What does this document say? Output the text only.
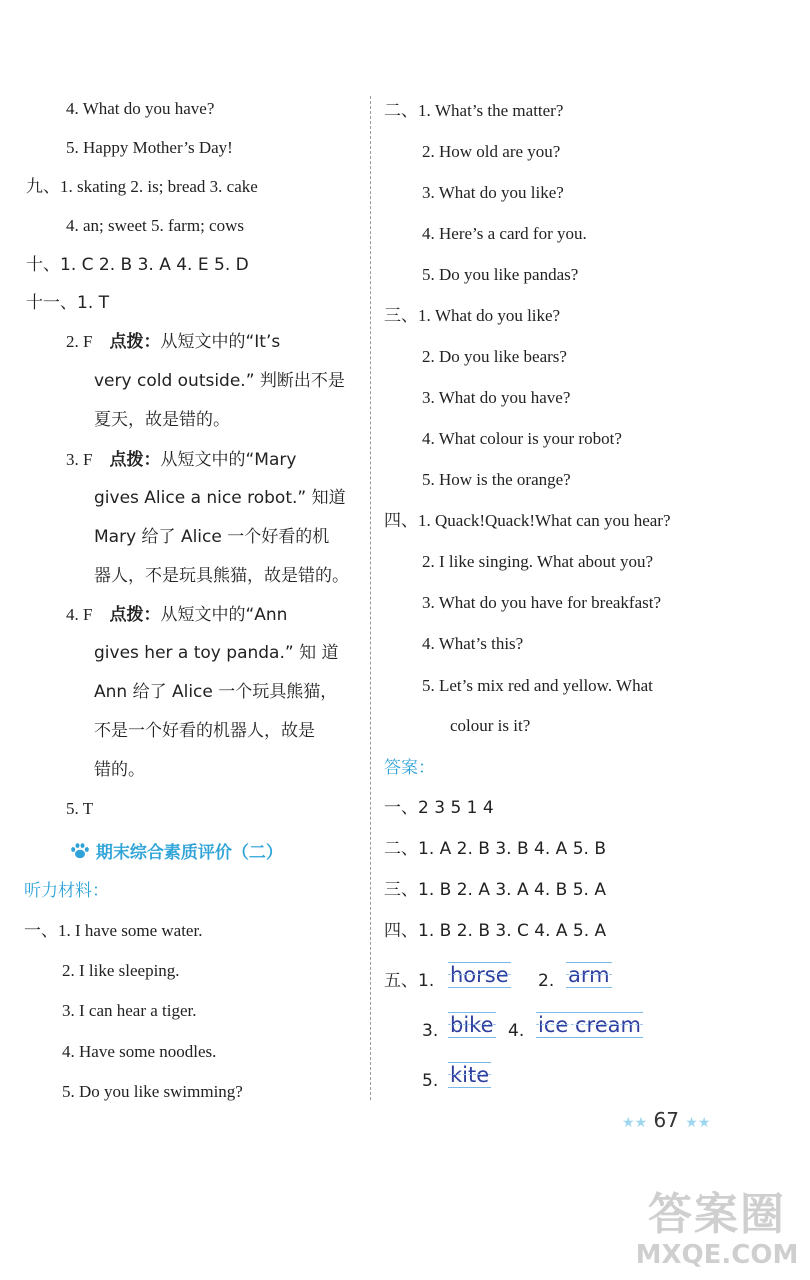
4. What do you have?
5. Happy Mother’s Day!
九、1. skating 2. is; bread 3. cake
4. an; sweet 5. farm; cows
十、1. C 2. B 3. A 4. E 5. D
十一、1. T
2. F 点拨：从短文中的“It’s
very cold outside.” 判断出不是
夏天，故是错的。
3. F 点拨：从短文中的“Mary
gives Alice a nice robot.” 知道
Mary 给了 Alice 一个好看的机
器人，不是玩具熊猫，故是错的。
4. F 点拨：从短文中的“Ann
gives her a toy panda.” 知 道
Ann 给了 Alice 一个玩具熊猫，
不是一个好看的机器人，故是
错的。
5. T
期末综合素质评价（二）
听力材料：
一、1. I have some water.
2. I like sleeping.
3. I can hear a tiger.
4. Have some noodles.
5. Do you like swimming?
二、1. What’s the matter?
2. How old are you?
3. What do you like?
4. Here’s a card for you.
5. Do you like pandas?
三、1. What do you like?
2. Do you like bears?
3. What do you have?
4. What colour is your robot?
5. How is the orange?
四、1. Quack!Quack!What can you hear?
2. I like singing. What about you?
3. What do you have for breakfast?
4. What’s this?
5. Let’s mix red and yellow. What
colour is it?
答案：
一、2 3 5 1 4
二、1. A 2. B 3. B 4. A 5. B
三、1. B 2. A 3. A 4. B 5. A
四、1. B 2. B 3. C 4. A 5. A
五、1. horse 2. arm
3. bike 4. ice cream
5. kite
★★ 67 ★★
答案圈
MXQE.COM
